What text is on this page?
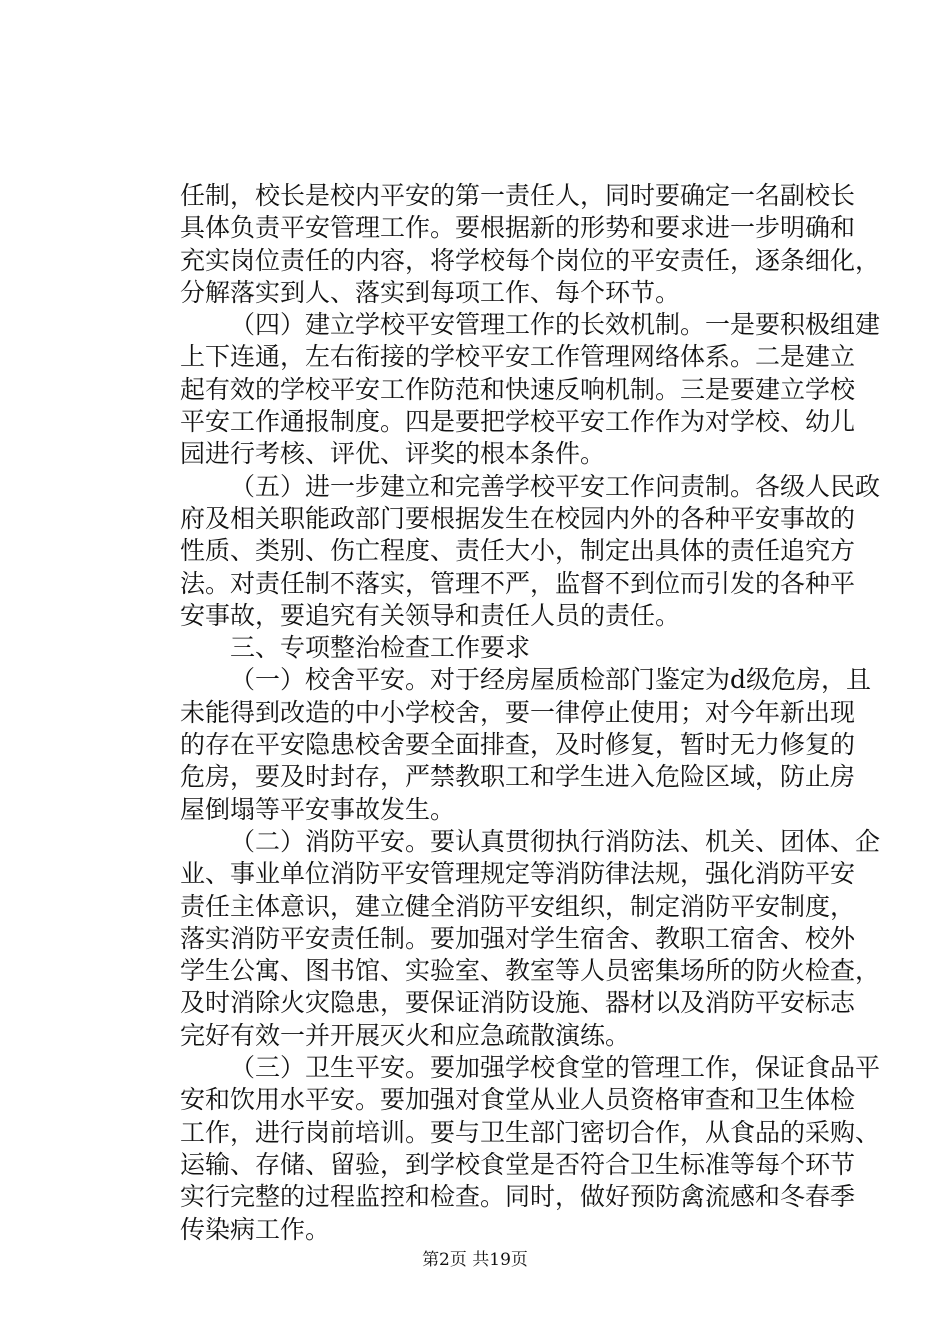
任制，校长是校内平安的第一责任人，同时要确定一名副校长
具体负责平安管理工作。要根据新的形势和要求进一步明确和
充实岗位责任的内容，将学校每个岗位的平安责任，逐条细化，
分解落实到人、落实到每项工作、每个环节。
（四）建立学校平安管理工作的长效机制。一是要积极组建
上下连通，左右衔接的学校平安工作管理网络体系。二是建立
起有效的学校平安工作防范和快速反响机制。三是要建立学校
平安工作通报制度。四是要把学校平安工作作为对学校、幼儿
园进行考核、评优、评奖的根本条件。
（五）进一步建立和完善学校平安工作问责制。各级人民政
府及相关职能政部门要根据发生在校园内外的各种平安事故的
性质、类别、伤亡程度、责任大小，制定出具体的责任追究方
法。对责任制不落实，管理不严，监督不到位而引发的各种平
安事故，要追究有关领导和责任人员的责任。
三、专项整治检查工作要求
（一）校舍平安。对于经房屋质检部门鉴定为d级危房，且
未能得到改造的中小学校舍，要一律停止使用；对今年新出现
的存在平安隐患校舍要全面排查，及时修复，暂时无力修复的
危房，要及时封存，严禁教职工和学生进入危险区域，防止房
屋倒塌等平安事故发生。
（二）消防平安。要认真贯彻执行消防法、机关、团体、企
业、事业单位消防平安管理规定等消防律法规，强化消防平安
责任主体意识，建立健全消防平安组织，制定消防平安制度，
落实消防平安责任制。要加强对学生宿舍、教职工宿舍、校外
学生公寓、图书馆、实验室、教室等人员密集场所的防火检查，
及时消除火灾隐患，要保证消防设施、器材以及消防平安标志
完好有效一并开展灭火和应急疏散演练。
（三）卫生平安。要加强学校食堂的管理工作，保证食品平
安和饮用水平安。要加强对食堂从业人员资格审查和卫生体检
工作，进行岗前培训。要与卫生部门密切合作，从食品的采购、
运输、存储、留验，到学校食堂是否符合卫生标准等每个环节
实行完整的过程监控和检查。同时，做好预防禽流感和冬春季
传染病工作。
第2页 共19页
